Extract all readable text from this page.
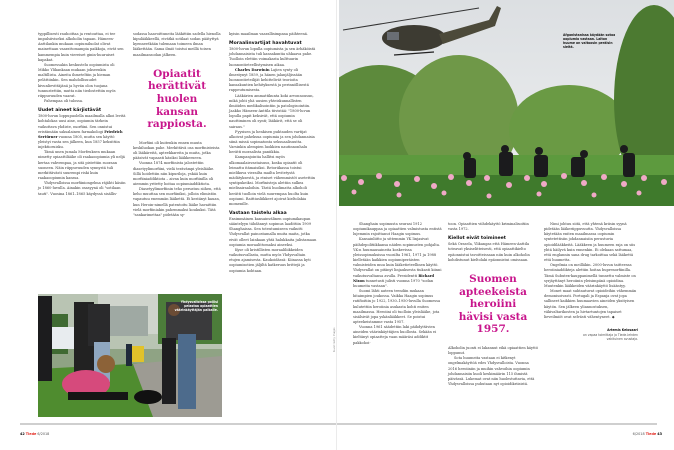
typpillisesti rauhoittaa ja rentouttaa, ei tee impulsiiviseksi alkoholin tapaan. Hämeen-Anttilankin mukaan oopiumiluolat olivat mainettaan vaarattomampia paikkoja, eivät sen kammempia kuin viereiset ginin-huuruiset kapakat.

Suomessakin keskustelu oopiumista oli Mikko Ylikankaan mukaan jokseenkin maltillista. Aineita ihmeteltiin ja hieman pelättiinkin. Sen mahdollisuudet kivunlievittäjänä ja hyvän olon tuojana tunnustettiin, mutta niin tiedostettiin myös riippuvuuden vaarat.

Pahempaa oli tulossa.

Uudet aineet kärjistävät

1800-luvun loppupuolella maailmalla alkoi levitä kohtalokas uusi aine, oopiumin tärkein vaikuttava yhdiste, morfiini. Sen onnistui eristämään saksalainen farmakologi Friedrich Sertürner vuonna 1805, mutta sen käyttö yleistyi vasta sen jälkeen, kun 1857 keksittiin injektioruisku.

Tämä unen jumala Morfeuksen mukaan nimetty opiaattilääke oli raakaoopiumia yli neljä kertaa vahvempaa, ja sitä pistettiin suoraan suoneen. Näin riippuvuuden synnystä tuli merkittävästi suurempi riski kuin raakaoopiumin kanssa.

Yhdysvalloissa morfiiniongelma räjähti käsiin jo 1860-luvulla. Ainakin osasyynä oli "sotilaan tauti". Vuosina 1861–1865 käydyssä sisällis-

sodassa haavoittuneita lääkittiin sadella hienolla kipulääkkeellä, eivätkä sotilaat sodan päätyttyä kyenneetkään tulemaan toimeen ilman lääkettään. Sama ilmiö toistui meillä toisen maailmansodan jälkeen.

Opiaatit herättivät huolen kansan rappiosta.

Morfiini oli kuitenkin ennen muuta keskiluokan pahe. Merkittävä osa morfinisteista oli lääkäreitä, apteekkareita ja muita, jotka pääsivät vapaasti käsiksi lääkkeeseen.

Vuonna 1874 morfiinista jalostettiin diasetyylimorfiini, vielä terävämpi yleislääke. Sillä hoidettiin niin kipuriloja, yskää kuin morfiiniaddiktiota – aivan kuin morfiinilla oli aiemmin yritetty hoitaa oopiumiaddiktiota.

Diasetyylimorfiinin teho perustuu siihen, että keho muuttaa sen morfiiniksi, jolloin elimistön vapautuu enemmän lääkettä. Ei kestänyt kauan, kun Heroin-nimellä patentoitu lääke havaittiin vielä morfiiniakin pahemmaksi koukuksi. Tätä "sankarimettaa" pidetään sy-

kyisin maailman vaarallisimpana päihteenä.

Moraalinvartijat havahtuvat

1800-luvun lopulla oopiumista ja sen ärhäköistä johdannaisista tuli kansakuntia uhkaava pahe. Tuolloin elettiin voimakasta kulttuurin luonnontieteellistymisen aikaa.

Charles Darwinin Lajien synty oli ilmestynyt 1859, ja hänen jalanjäljissään luonnontieteilijät kehittelivät teorioita kansakuntien kehityksestä ja perinnöllisestä rappeutumisesta.

Lääkärien ammattikunta koki arvonnousun, mikä johti yhä uusien yhteiskunnallisten ilmiöiden medikalisointiin ja patologisointiin. Jaakko Hämeen-Anttila tiivistää: "1800-luvun lopulla papit keksivät, että oopiumin nauttiminen oli synti; lääkärit, että se oli sairaus."

Fyysisen ja henkisen puhtauden vartijat alkoivat paheksua oopiumia ja sen johdannaisia siinä missä sopimatonta seksuaalisuutta. Varsinkin alempien luokkien nautinnonhalu herätti moraalista paniikkia.

Kampanjointia hallitsi myös ulkomaalaisvastaisuus, koska opiaatit oli leimattu itämaisiksi. Retoriikassa toistui mielikuva vierailta mailta levitetystä mädätyksestä, ja etniset vähemmistöt asetettiin syntipukeiksi. Morfinisteja alettiin sulkea mielisairaaloihin. Tästä huolimatta alkoholi herätti tuolloin vielä suurempaa huolta kuin oopiumi. Raittiusliikkeet ajoivat kieltolakia momenille.

Vastaan taistelu alkaa

Ensimmäinen kansainvälinen oopiumikaupan sääntelyyn tähdännyt sopimus laadittiin 1909 Shanghaissa. Sen toteutumiseen vaikutti Yhdysvallat painostamalla muita maita, jotka eivät olleet lainkaan yhtä halukkaita julistamaan oopiumia moraalittomaksi aineeksi.

Kyse oli kristillisten moraaliliikkeiden vaikutusvallasta, mutta myös Yhdysvaltain etujen ajamisesta. Kaukoidässä: Kiinassa kyti oopiumisotien jäljiltä katkeruus brittejä ja oopiumia kohtaan.

Yhdysvalloissa poliisi pelastaa opiaattien väärinkäyttäjän paikalle.
42 Tiede 6/2018
Afganistanissa käydään sotaa oopiumia vastaan. Laiton huume on valtaosin peräisin sieltä.
Kuvat: Getty Images

Shanghain sopimusta seurasi 1912 oopiumikauppaa ja opiaattien valmistusta entistä lujemmin rajoittanut Haagin sopimus.

Kansainliitto ja sittemmin YK linjasivat päihdepolitiikkansa näiden sopimusten pohjalta. YK:n huumausaineita koskevissa yleissopimuksissa vuosilta 1961, 1971 ja 1988 kielletään kaikkien oopiumiperäisten valmisteiden muu kuin lääketieteellinen käyttö. Yhdysvallat on pitänyt linjauksesta tiukasti kiinni vaikutusvaltansa avulla. Presidentti Richard Nixon tunnetusti julisti vuonna 1970 "sodan huumeita vastaan".

Suomi lähti auteen trendiin mukaan hitaimpien joukossa. Vaikka Haagin sopimus ratifioitiin jo 1922, 1930–1950-luvulla Suomessa kulutettiin heroiinia asukasta kohti eniten maailmassa. Heroiini oli tuolloin yleislääke, jota sisälsivät jopa yskänlääkkeet. Se poistui apteekeistamme vasta 1957.

Vuonna 1961 säädettiin laki päihdyttävien aineiden väärinkäyttäjien huollosta. Sekään ei kieltänyt opiaatteja vaan määräsi addiktit pakkohoi-

toon. Opiaattien viihdekäyttö kriminalisoitiin vasta 1972.

Kiellot eivät toimineet

Sekä Orasela, Ylikangas että Hämeen-Anttila toteavat yksiselitteisesti, että opiaattikielto epäonnistui tavoitteissaan niin kuin alkoholin kohdistunut kieltolaki epäonnistui omissaan.

Suomen apteekeista heroiini hävisi vasta 1957.

Alkoholin juonti ei lakannut eikä opiaattien käyttö loppunut.

Sota huumeita vastaan ei kitkenyt ongelmakäyttöä edes Yhdysvalloista. Vuonna 2016 heroiiniin ja muihin vahvoihin oopiumin johdannaisiin kuoli keskimäärin 115 ihmistä päivässä. Lukemat ovat niin huolestuttavia, että Yhdysvalloissa puhutaan nyt opioidikriisistä.

Nimi johtuu siitä, että yhtenä kriisin syynä pidetään lääkeriippuvuutta. Yhdysvalloissa käytetään eniten maailmassa oopiumin syntetettisiin johdannaisiin perustuvia opioidilääkkeitä. Lääkkeen ja huumeen raja on siis yhtä häilyvä kuin ennenkin. Ei olekaan sattumaa, että englannin sana drug tarkoittaa sekä lääkettä että huumetta.

Ongelmia on meilläkin. 2000-luvun taitteessa heroiiniaddikteja alettiin hoitaa buprenorfiinilla. Tämä Subutex-kauppanimellä tunnettu valmiste on syrjäyttänyt heroiinin yleisimpänä opioidina. Muutenkin lääkkeiden väärinkäyttö lisääntyy.

Monet maat suhtautuvat opioideihin vähemmän demonisoivasti. Portugali ja Espanja ovat jopa sallineet kaikkien huumaavien aineiden yksityisen käytön. Sen jälkeen yliannostuksen, väkivaltarikosten ja hivtartuntojen tapaiset lieveilmiöt ovat selvästi vähentyneet. ◆

Artemis Kelosaari
on vapaa toimittaja ja Tiede-lehden
vakituinen avustaja.
6/2018 Tiede 43
